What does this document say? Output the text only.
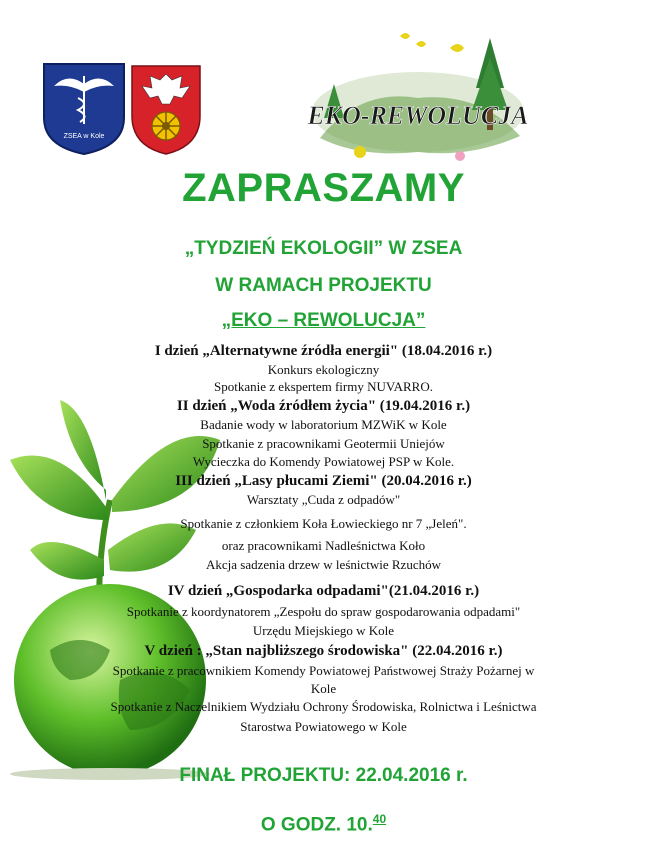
ZSEA w Kole
EKO-REWOLUCJA
ZAPRASZAMY
„TYDZIEŃ EKOLOGII” W ZSEA
W RAMACH PROJEKTU
„EKO – REWOLUCJA”
I dzień „Alternatywne źródła energii" (18.04.2016 r.)
Konkurs ekologiczny
Spotkanie z ekspertem firmy NUVARRO.
II dzień „Woda źródłem życia" (19.04.2016 r.)
Badanie wody w laboratorium MZWiK w Kole
Spotkanie z pracownikami Geotermii Uniejów
Wycieczka do Komendy Powiatowej PSP w Kole.
III dzień „Lasy płucami Ziemi" (20.04.2016 r.)
Warsztaty „Cuda z odpadów"
Spotkanie z członkiem Koła Łowieckiego nr 7 „Jeleń".
oraz pracownikami Nadleśnictwa Koło
Akcja sadzenia drzew w leśnictwie Rzuchów
IV dzień „Gospodarka odpadami"(21.04.2016 r.)
Spotkanie z koordynatorem „Zespołu do spraw gospodarowania odpadami"
Urzędu Miejskiego w Kole
V dzień : „Stan najbliższego środowiska" (22.04.2016 r.)
Spotkanie z pracownikiem Komendy Powiatowej Państwowej Straży Pożarnej w
Kole
Spotkanie z Naczelnikiem Wydziału Ochrony Środowiska, Rolnictwa i Leśnictwa
Starostwa Powiatowego w Kole
FINAŁ PROJEKTU: 22.04.2016 r.
O GODZ. 10.40
